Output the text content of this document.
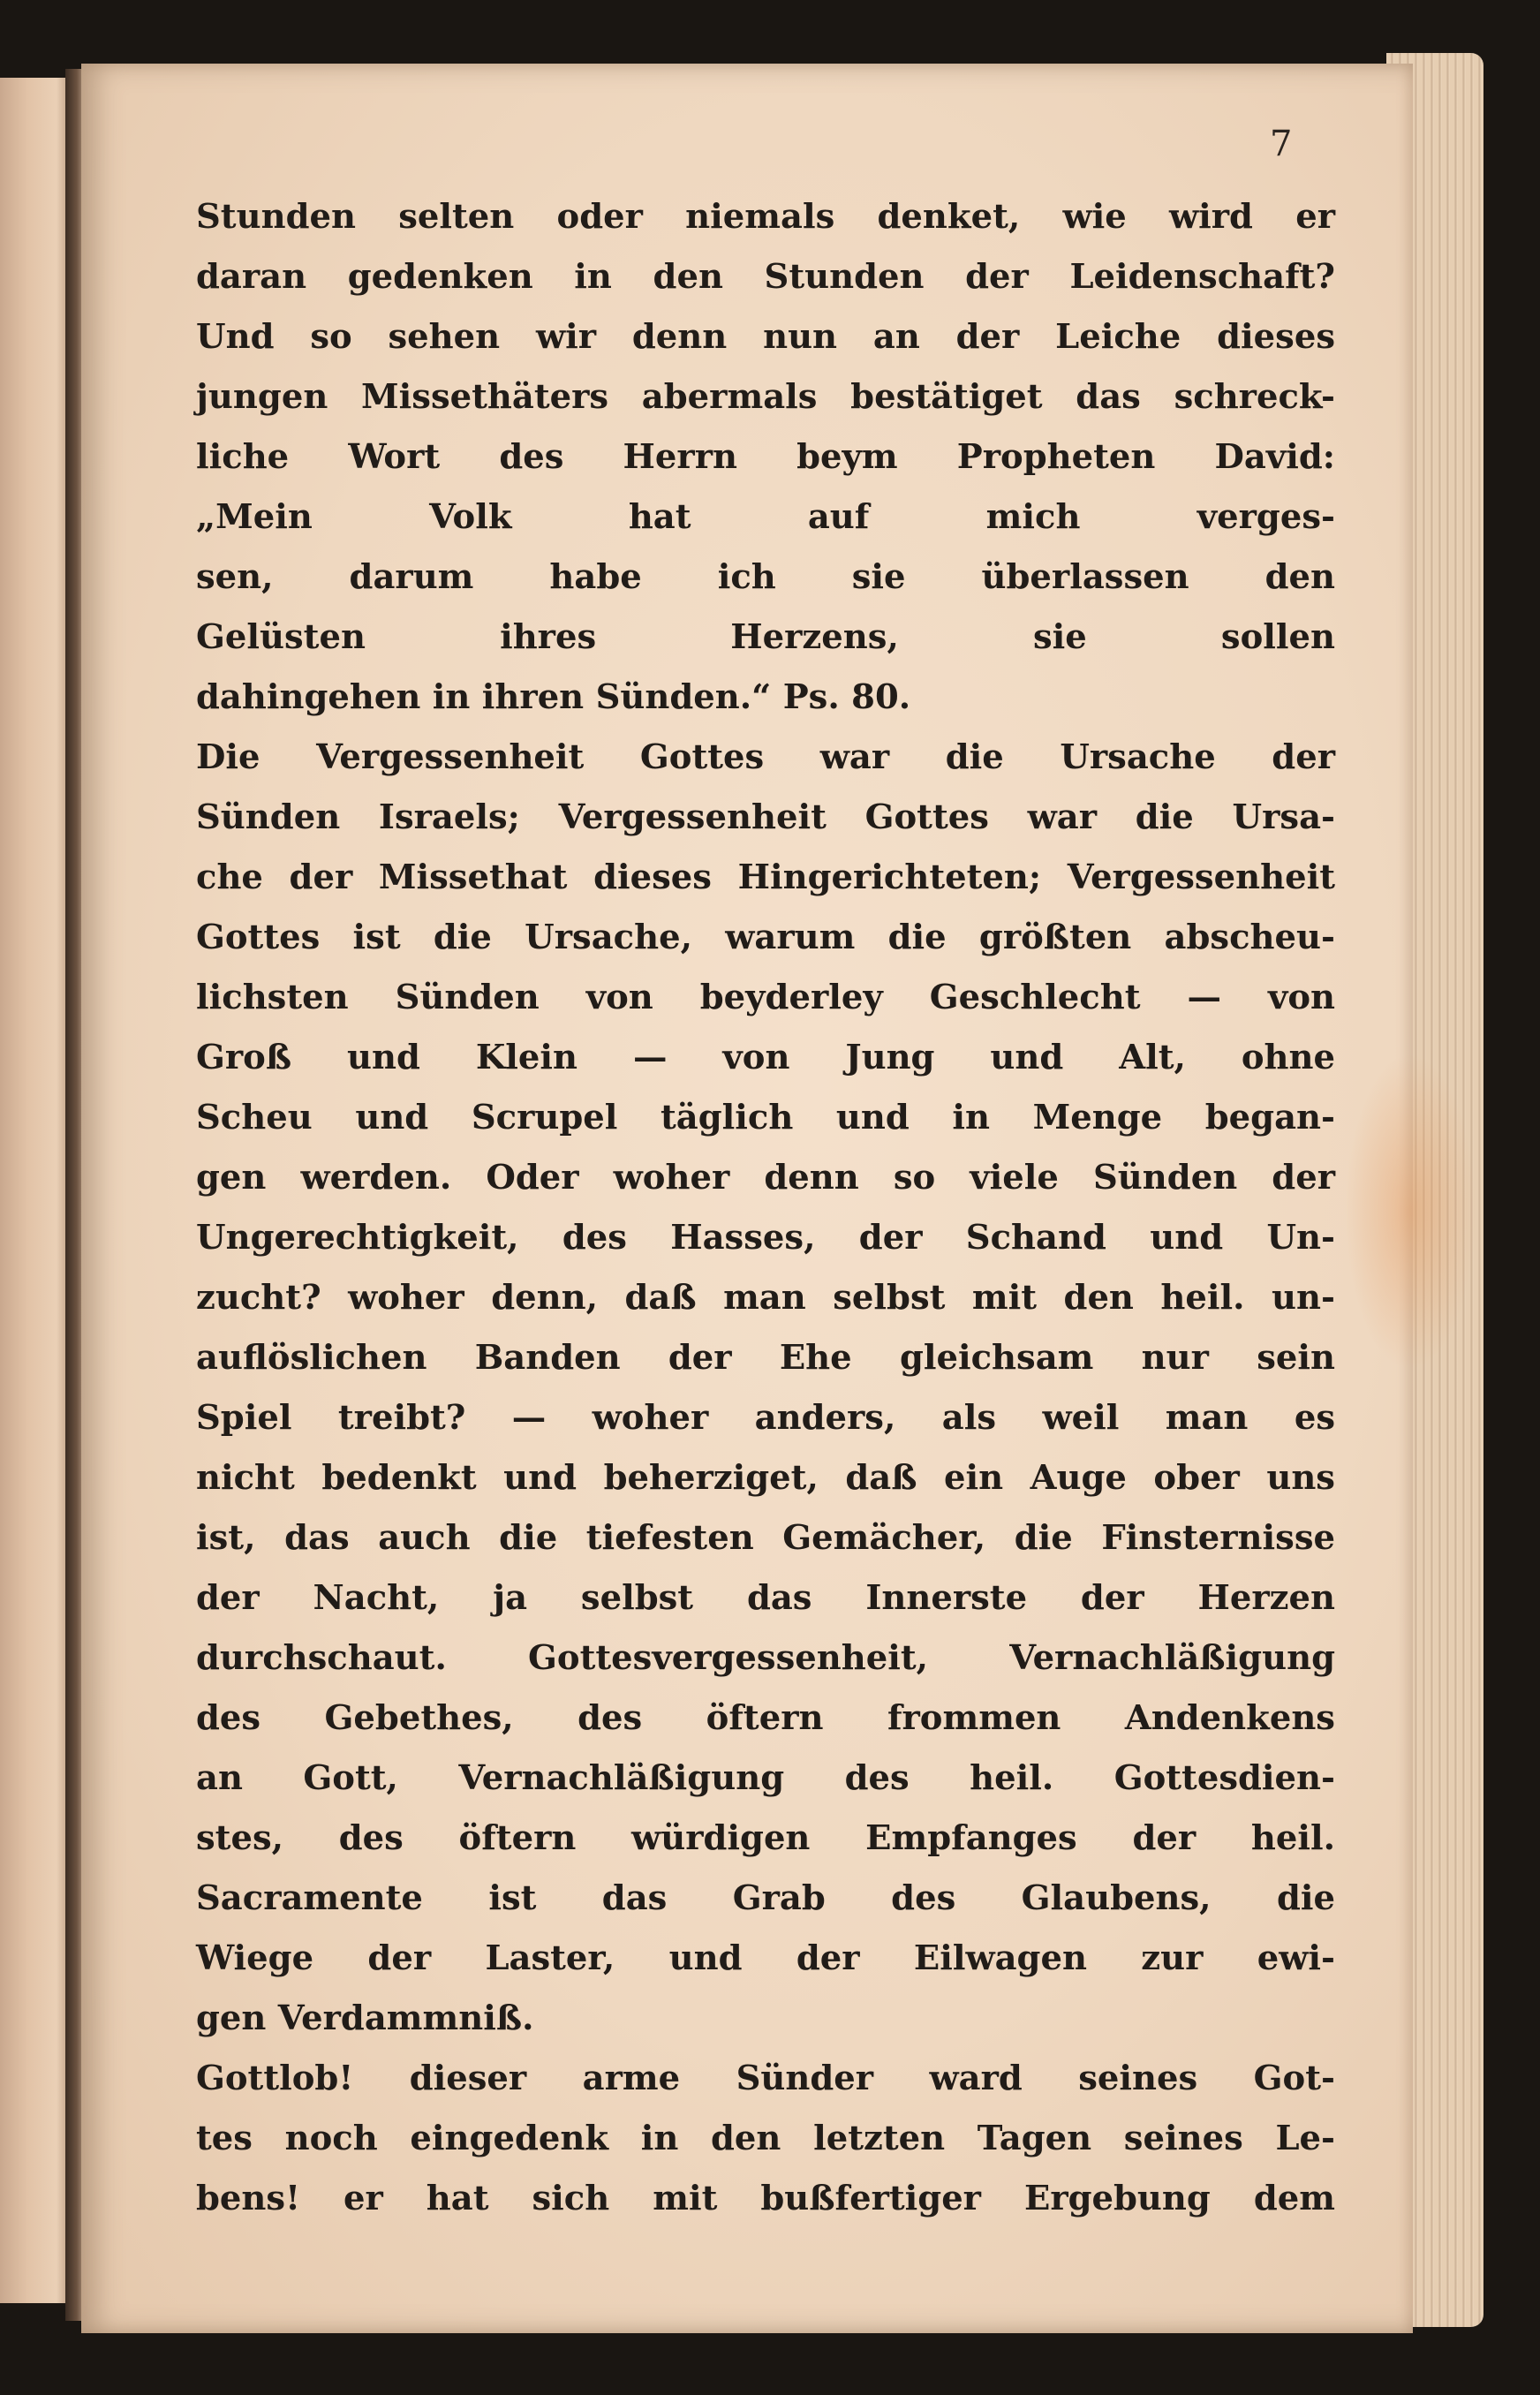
7
Stunden selten oder niemals denket, wie wird er
daran gedenken in den Stunden der Leidenschaft?
Und so sehen wir denn nun an der Leiche dieses
jungen Missethäters abermals bestätiget das schreck-
liche Wort des Herrn beym Propheten David:
„Mein Volk hat auf mich verges-
sen, darum habe ich sie überlassen den
Gelüsten ihres Herzens, sie sollen
dahingehen in ihren Sünden.“ Ps. 80.
Die Vergessenheit Gottes war die Ursache der
Sünden Israels; Vergessenheit Gottes war die Ursa-
che der Missethat dieses Hingerichteten; Vergessenheit
Gottes ist die Ursache, warum die größten abscheu-
lichsten Sünden von beyderley Geschlecht — von
Groß und Klein — von Jung und Alt, ohne
Scheu und Scrupel täglich und in Menge began-
gen werden. Oder woher denn so viele Sünden der
Ungerechtigkeit, des Hasses, der Schand und Un-
zucht? woher denn, daß man selbst mit den heil. un-
auflöslichen Banden der Ehe gleichsam nur sein
Spiel treibt? — woher anders, als weil man es
nicht bedenkt und beherziget, daß ein Auge ober uns
ist, das auch die tiefesten Gemächer, die Finsternisse
der Nacht, ja selbst das Innerste der Herzen
durchschaut. Gottesvergessenheit, Vernachläßigung
des Gebethes, des öftern frommen Andenkens
an Gott, Vernachläßigung des heil. Gottesdien-
stes, des öftern würdigen Empfanges der heil.
Sacramente ist das Grab des Glaubens, die
Wiege der Laster, und der Eilwagen zur ewi-
gen Verdammniß.
Gottlob! dieser arme Sünder ward seines Got-
tes noch eingedenk in den letzten Tagen seines Le-
bens! er hat sich mit bußfertiger Ergebung dem
